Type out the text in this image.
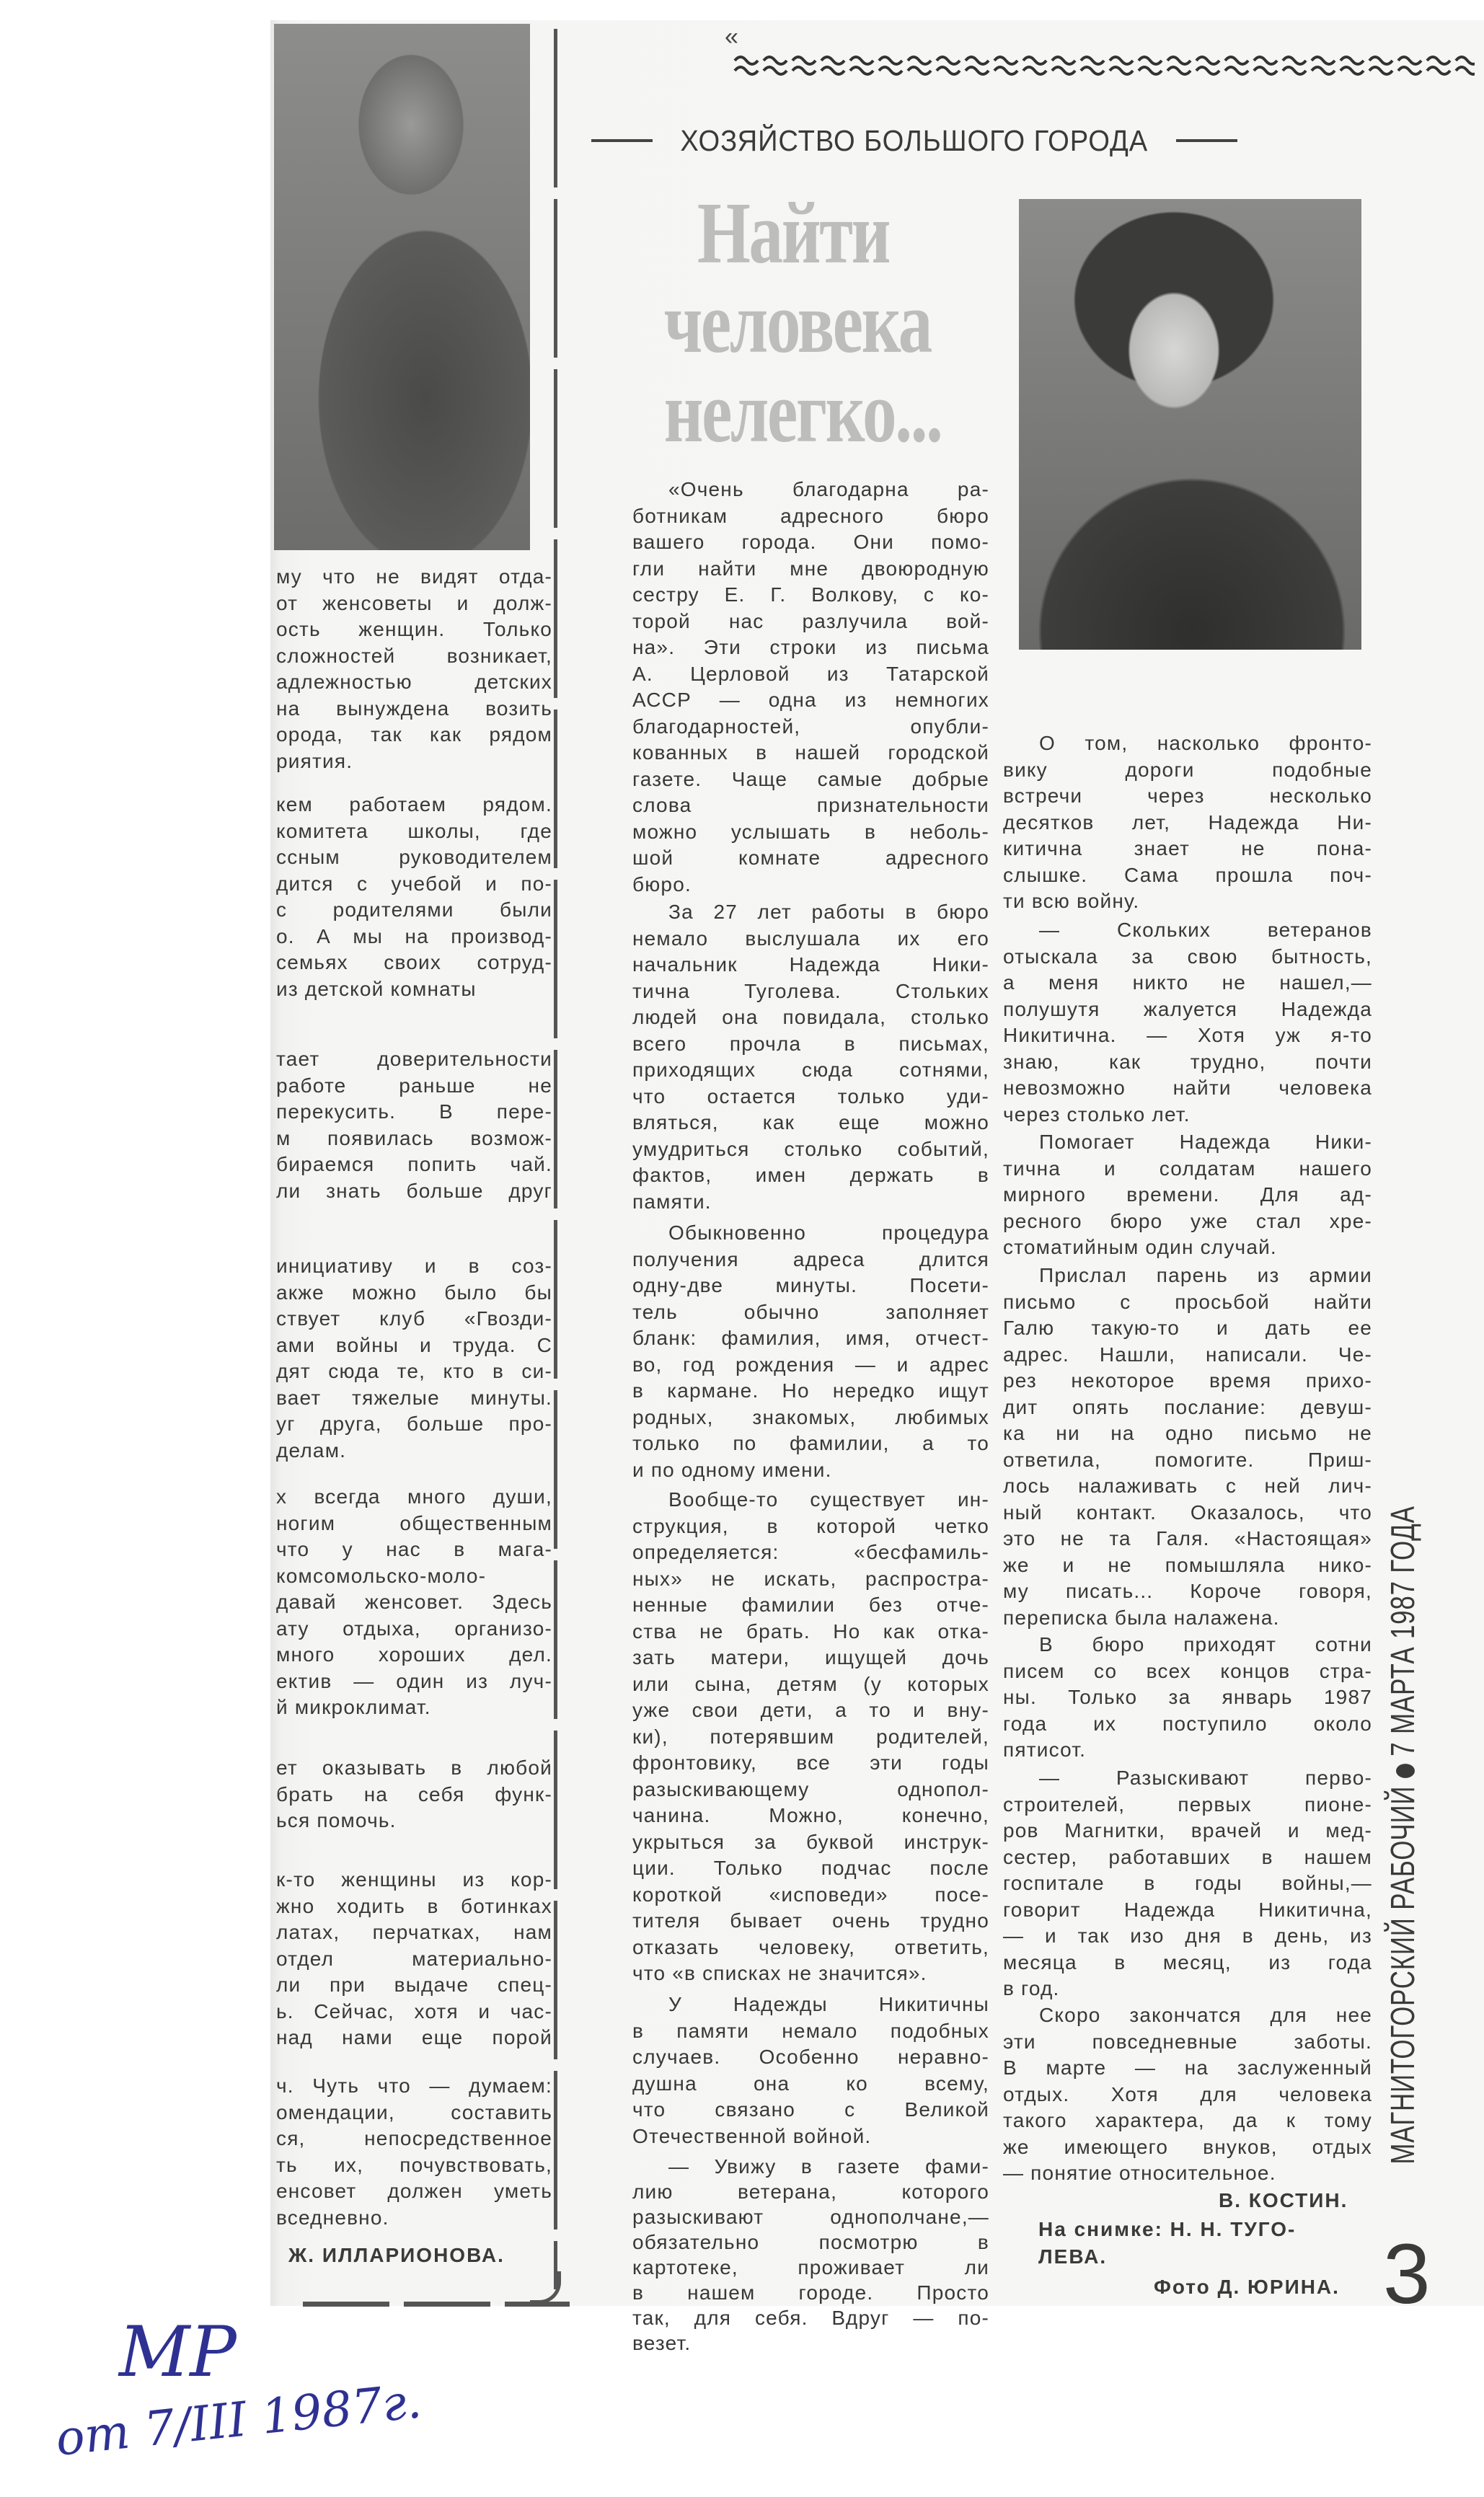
«
ХОЗЯЙСТВО БОЛЬШОГО ГОРОДА
Найти
человека
нелегко...
му что не видят отда-
от женсоветы и долж-
ость женщин. Только
сложностей возникает,
адлежностью детских
на вынуждена возить
орода, так как рядом
риятия.
кем работаем рядом.
комитета школы, где
ссным руководителем
дится с учебой и по-
с родителями были
о. А мы на производ-
семьях своих сотруд-
из детской комнаты
тает доверительности
работе раньше не
перекусить. В пере-
м появилась возмож-
бираемся попить чай.
ли знать больше друг
инициативу и в соз-
акже можно было бы
ствует клуб «Гвозди-
ами войны и труда. С
дят сюда те, кто в си-
вает тяжелые минуты.
уг друга, больше про-
делам.
х всегда много души,
ногим общественным
что у нас в мага-
комсомольско-моло-
давай женсовет. Здесь
ату отдыха, организо-
много хороших дел.
ектив — один из луч-
й микроклимат.
ет оказывать в любой
брать на себя функ-
ься помочь.
к-то женщины из кор-
жно ходить в ботинках
латах, перчатках, нам
отдел материально-
ли при выдаче спец-
ь. Сейчас, хотя и час-
над нами еще порой
ч. Чуть что — думаем:
омендации, составить
ся, непосредственное
ть их, почувствовать,
енсовет должен уметь
вседневно.
Ж. ИЛЛАРИОНОВА.
«Очень благодарна ра-
ботникам адресного бюро
вашего города. Они помо-
гли найти мне двоюродную
сестру Е. Г. Волкову, с ко-
торой нас разлучила вой-
на». Эти строки из письма
А. Церловой из Татарской
АССР — одна из немногих
благодарностей, опубли-
кованных в нашей городской
газете. Чаще самые добрые
слова признательности
можно услышать в неболь-
шой комнате адресного
бюро.
За 27 лет работы в бюро
немало выслушала их его
начальник Надежда Ники-
тична Туголева. Стольких
людей она повидала, столько
всего прочла в письмах,
приходящих сюда сотнями,
что остается только уди-
вляться, как еще можно
умудриться столько событий,
фактов, имен держать в
памяти.
Обыкновенно процедура
получения адреса длится
одну-две минуты. Посети-
тель обычно заполняет
бланк: фамилия, имя, отчест-
во, год рождения — и адрес
в кармане. Но нередко ищут
родных, знакомых, любимых
только по фамилии, а то
и по одному имени.
Вообще-то существует ин-
струкция, в которой четко
определяется: «бесфамиль-
ных» не искать, распростра-
ненные фамилии без отче-
ства не брать. Но как отка-
зать матери, ищущей дочь
или сына, детям (у которых
уже свои дети, а то и вну-
ки), потерявшим родителей,
фронтовику, все эти годы
разыскивающему однопол-
чанина. Можно, конечно,
укрыться за буквой инструк-
ции. Только подчас после
короткой «исповеди» посе-
тителя бывает очень трудно
отказать человеку, ответить,
что «в списках не значится».
У Надежды Никитичны
в памяти немало подобных
случаев. Особенно неравно-
душна она ко всему,
что связано с Великой
Отечественной войной.
— Увижу в газете фами-
лию ветерана, которого
разыскивают однополчане,—
обязательно посмотрю в
картотеке, проживает ли
в нашем городе. Просто
так, для себя. Вдруг — по-
везет.
О том, насколько фронто-
вику дороги подобные
встречи через несколько
десятков лет, Надежда Ни-
китична знает не пона-
слышке. Сама прошла поч-
ти всю войну.
— Скольких ветеранов
отыскала за свою бытность,
а меня никто не нашел,—
полушутя жалуется Надежда
Никитична. — Хотя уж я-то
знаю, как трудно, почти
невозможно найти человека
через столько лет.
Помогает Надежда Ники-
тична и солдатам нашего
мирного времени. Для ад-
ресного бюро уже стал хре-
стоматийным один случай.
Прислал парень из армии
письмо с просьбой найти
Галю такую-то и дать ее
адрес. Нашли, написали. Че-
рез некоторое время прихо-
дит опять послание: девуш-
ка ни на одно письмо не
ответила, помогите. Приш-
лось налаживать с ней лич-
ный контакт. Оказалось, что
это не та Галя. «Настоящая»
же и не помышляла нико-
му писать... Короче говоря,
переписка была налажена.
В бюро приходят сотни
писем со всех концов стра-
ны. Только за январь 1987
года их поступило около
пятисот.
— Разыскивают перво-
строителей, первых пионе-
ров Магнитки, врачей и мед-
сестер, работавших в нашем
госпитале в годы войны,—
говорит Надежда Никитична,
— и так изо дня в день, из
месяца в месяц, из года
в год.
Скоро закончатся для нее
эти повседневные заботы.
В марте — на заслуженный
отдых. Хотя для человека
такого характера, да к тому
же имеющего внуков, отдых
— понятие относительное.
В. КОСТИН.
На снимке: Н. Н. ТУГО-
ЛЕВА.
Фото Д. ЮРИНА.
МАГНИТОГОРСКИЙ РАБОЧИЙ7 МАРТА 1987 ГОДА
3
МР
от 7/III 1987г.
